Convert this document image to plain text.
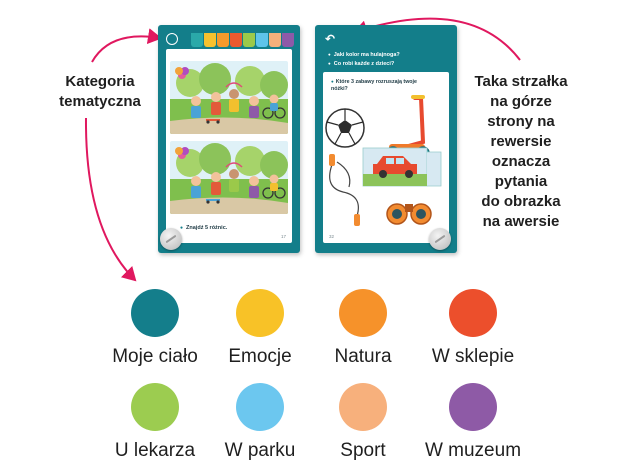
Kategoria
tematyczna
Taka strzałka
na górze
strony na
rewersie
oznacza
pytania
do obrazka
na awersie
● Znajdź 5 różnic.
17
↶
● Jaki kolor ma hulajnoga?
● Co robi każde z dzieci?
● Które 3 zabawy rozruszają twoje nóżki?
32
Moje ciało	Emocje	Natura	W sklepie
U lekarza	W parku	Sport	W muzeum
